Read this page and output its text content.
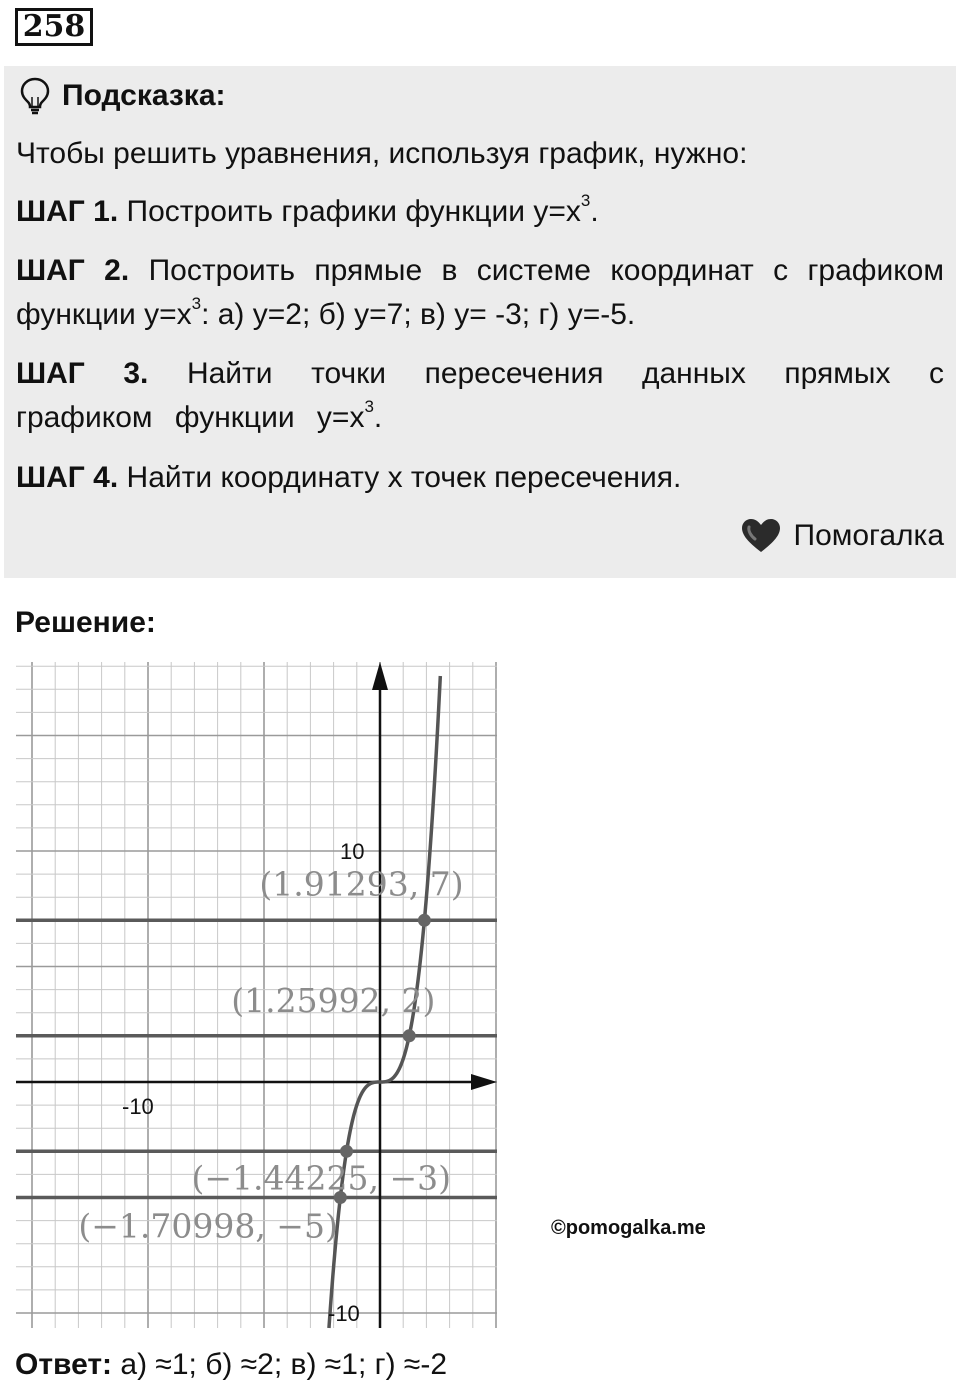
258
Подсказка:
Чтобы решить уравнения, используя график, нужно:
ШАГ 1. Построить графики функции $y=x^3$.
ШАГ 2. Построить прямые в системе координат с графиком функции $y=x^3$: а) y=2; б) y=7; в) y= -3; г) y=-5.
ШАГ 3. Найти точки пересечения данных прямых с графиком функции $y=x^3$.
ШАГ 4. Найти координату x точек пересечения.
Помогалка
Решение:
(1.91293, 7)
(1.25992, 2)
(−1.44225, −3)
(−1.70998, −5)
10
-10
-10
©pomogalka.me
Ответ: а) ≈1; б) ≈2; в) ≈1; г) ≈-2
